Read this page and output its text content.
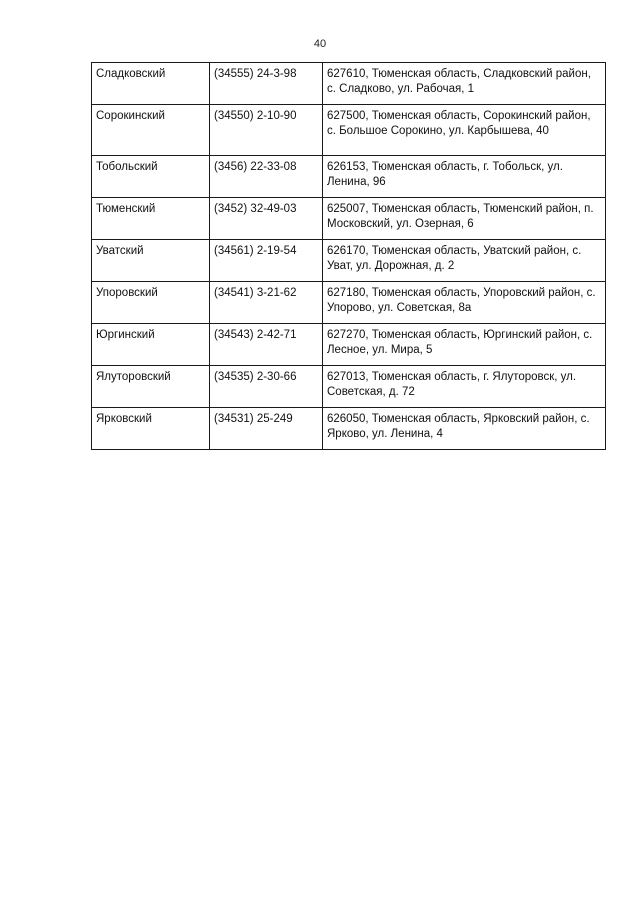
40
Сладковский	(34555) 24-3-98	627610, Тюменская область, Сладковский район, с. Сладково, ул. Рабочая, 1
Сорокинский	(34550) 2-10-90	627500, Тюменская область, Сорокинский район, с. Большое Сорокино, ул. Карбышева, 40
Тобольский	(3456) 22-33-08	626153, Тюменская область, г. Тобольск, ул. Ленина, 96
Тюменский	(3452) 32-49-03	625007, Тюменская область, Тюменский район, п. Московский, ул. Озерная, 6
Уватский	(34561) 2-19-54	626170, Тюменская область, Уватский район, с. Уват, ул. Дорожная, д. 2
Упоровский	(34541) 3-21-62	627180, Тюменская область, Упоровский район, с. Упорово, ул. Советская, 8а
Юргинский	(34543) 2-42-71	627270, Тюменская область, Юргинский район, с. Лесное, ул. Мира, 5
Ялуторовский	(34535) 2-30-66	627013, Тюменская область, г. Ялуторовск, ул. Советская, д. 72
Ярковский	(34531) 25-249	626050, Тюменская область, Ярковский район, с. Ярково, ул. Ленина, 4
